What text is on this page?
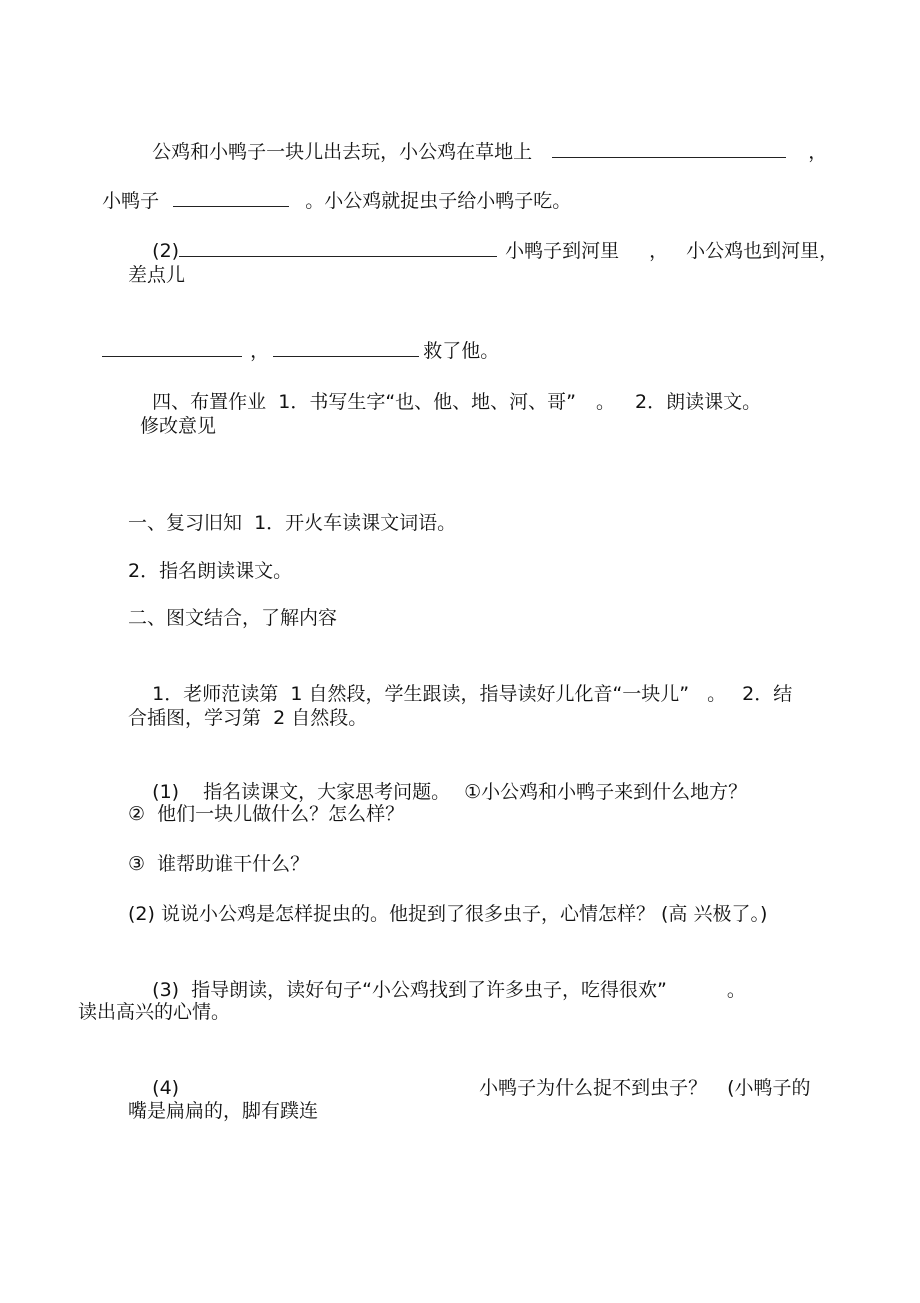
公鸡和小鸭子一块儿出去玩，小公鸡在草地上	，

小鸭子	。小公鸡就捉虫子给小鸭子吃。

(2)	小鸭子到河里 ， 小公鸡也到河里，

差点儿

，	救了他。

四、布置作业  1．书写生字“也、他、地、河、哥” 。 2．朗读课文。

修改意见
一、复习旧知  1．开火车读课文词语。
2．指名朗读课文。
二、图文结合，了解内容

1．老师范读第  1 自然段，学生跟读，指导读好儿化音“一块儿” 。 2．结

合插图，学习第  2 自然段。

(1) 指名读课文，大家思考问题。 ①小公鸡和小鸭子来到什么地方？

②  他们一块儿做什么？怎么样？
③  谁帮助谁干什么？
(2) 说说小公鸡是怎样捉虫的。他捉到了很多虫子，心情怎样？ (高 兴极了。)

(3)  指导朗读，读好句子“小公鸡找到了许多虫子，吃得很欢”	。

读出高兴的心情。

(4)	小鸭子为什么捉不到虫子？ (小鸭子的

嘴是扁扁的，脚有蹼连
